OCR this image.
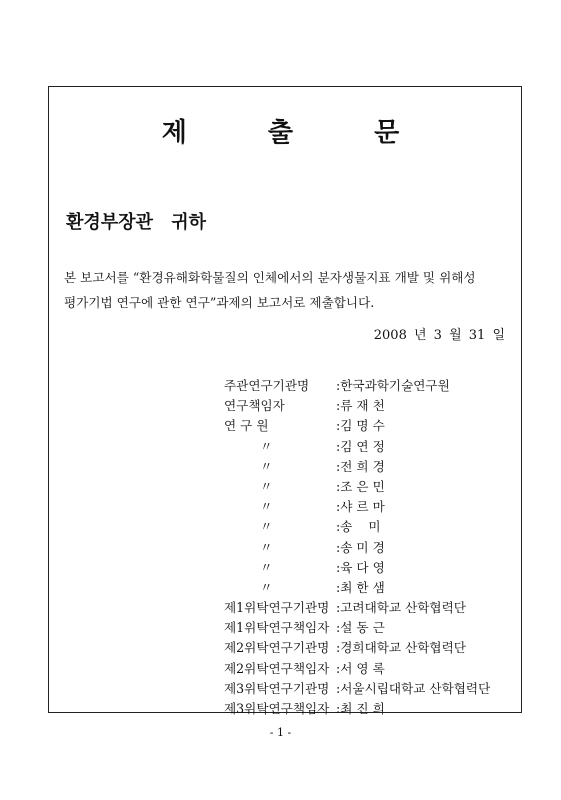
제 출 문
환경부장관 귀하
본 보고서를 “환경유해화학물질의 인체에서의 분자생물지표 개발 및 위해성
평가기법 연구에 관한 연구”과제의 보고서로 제출합니다.
2008 년 3 월 31 일
주관연구기관명	:한국과학기술연구원
연구책임자	:류 재 천
연 구 원	:김 명 수
〃	:김 연 정
〃	:전 희 경
〃	:조 은 민
〃	:샤 르 마
〃	:송    미
〃	:송 미 경
〃	:육 다 영
〃	:최 한 샘
제1위탁연구기관명 :고려대학교 산학협력단
제1위탁연구책임자 :설 동 근
제2위탁연구기관명 :경희대학교 산학협력단
제2위탁연구책임자 :서 영 록
제3위탁연구기관명 :서울시립대학교 산학협력단
제3위탁연구책임자 :최 진 희
- 1 -
